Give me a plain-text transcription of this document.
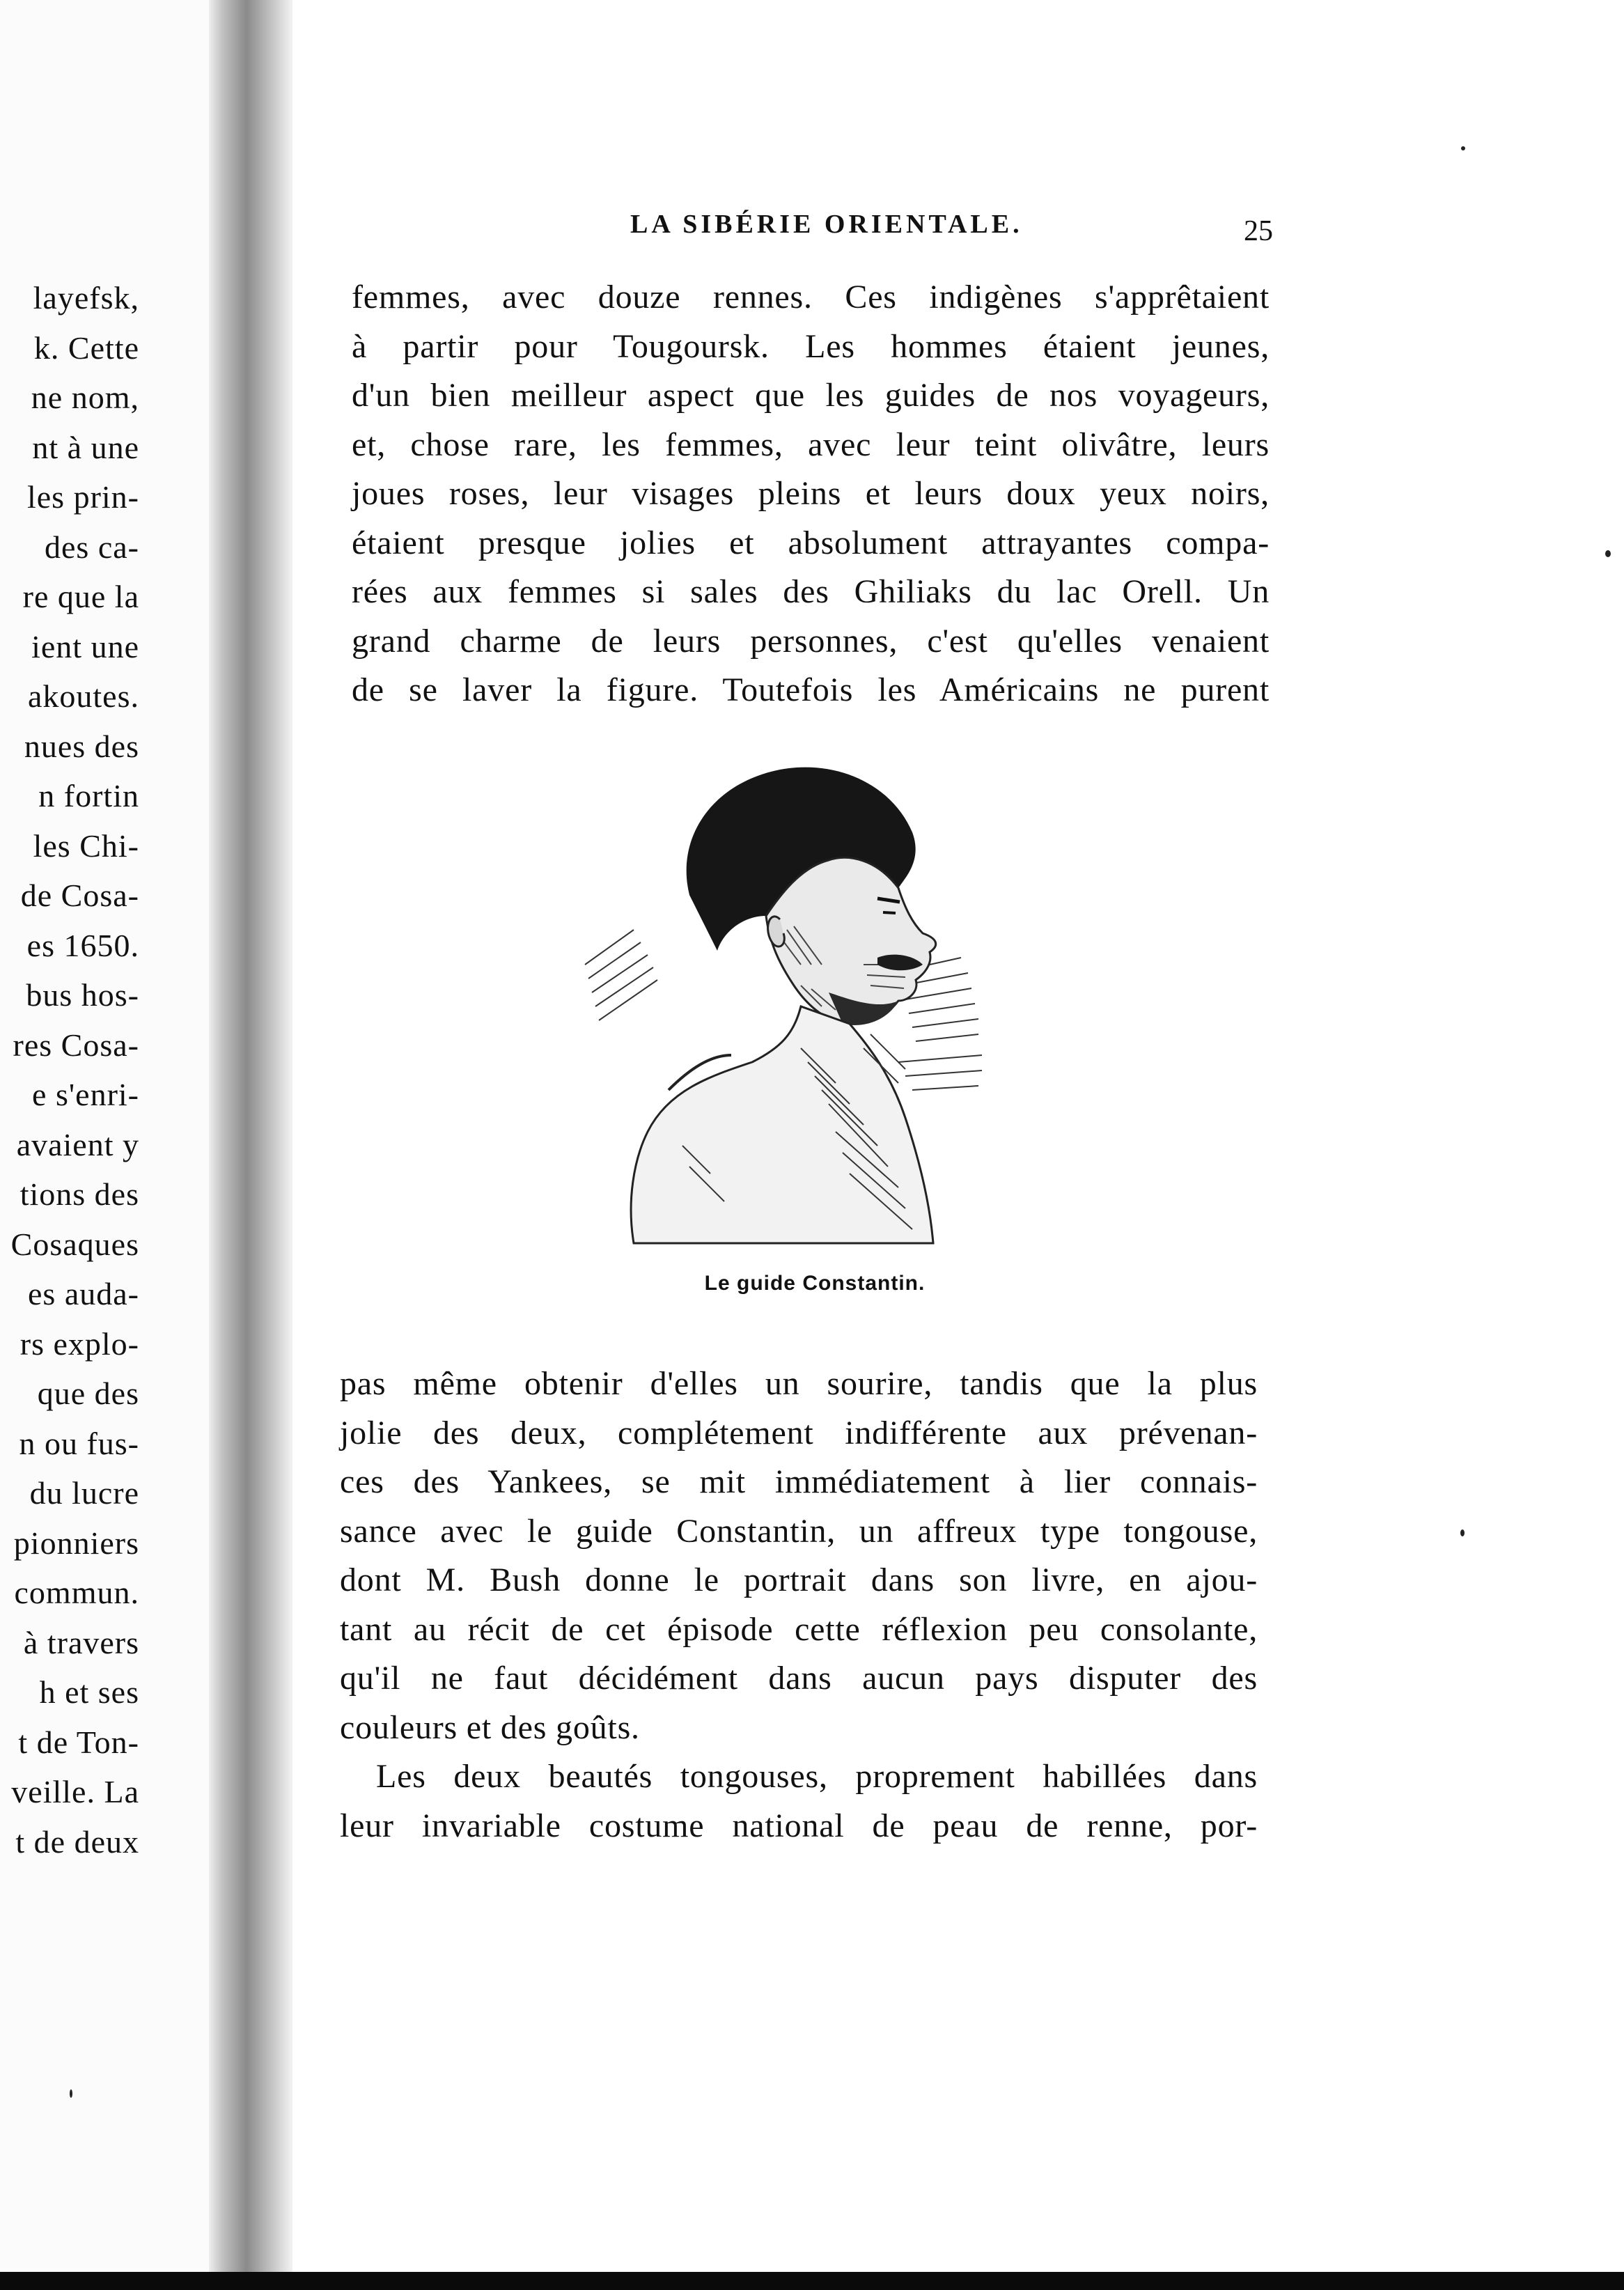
layefsk,
k. Cette
ne nom,
nt à une
les prin-
des ca-
re que la
ient une
akoutes.
nues des
n fortin
les Chi-
de Cosa-
es 1650.
bus hos-
res Cosa-
e s'enri-
avaient y
tions des
Cosaques
es auda-
rs explo-
que des
n ou fus-
du lucre
pionniers
commun.
à travers
h et ses
t de Ton-
veille. La
t de deux
LA SIBÉRIE ORIENTALE.	25
femmes, avec douze rennes. Ces indigènes s'apprêtaient
à partir pour Tougoursk. Les hommes étaient jeunes,
d'un bien meilleur aspect que les guides de nos voyageurs,
et, chose rare, les femmes, avec leur teint olivâtre, leurs
joues roses, leur visages pleins et leurs doux yeux noirs,
étaient presque jolies et absolument attrayantes compa-
rées aux femmes si sales des Ghiliaks du lac Orell. Un
grand charme de leurs personnes, c'est qu'elles venaient
de se laver la figure. Toutefois les Américains ne purent
Le guide Constantin.
pas même obtenir d'elles un sourire, tandis que la plus
jolie des deux, complétement indifférente aux prévenan-
ces des Yankees, se mit immédiatement à lier connais-
sance avec le guide Constantin, un affreux type tongouse,
dont M. Bush donne le portrait dans son livre, en ajou-
tant au récit de cet épisode cette réflexion peu consolante,
qu'il ne faut décidément dans aucun pays disputer des
couleurs et des goûts.
Les deux beautés tongouses, proprement habillées dans
leur invariable costume national de peau de renne, por-
